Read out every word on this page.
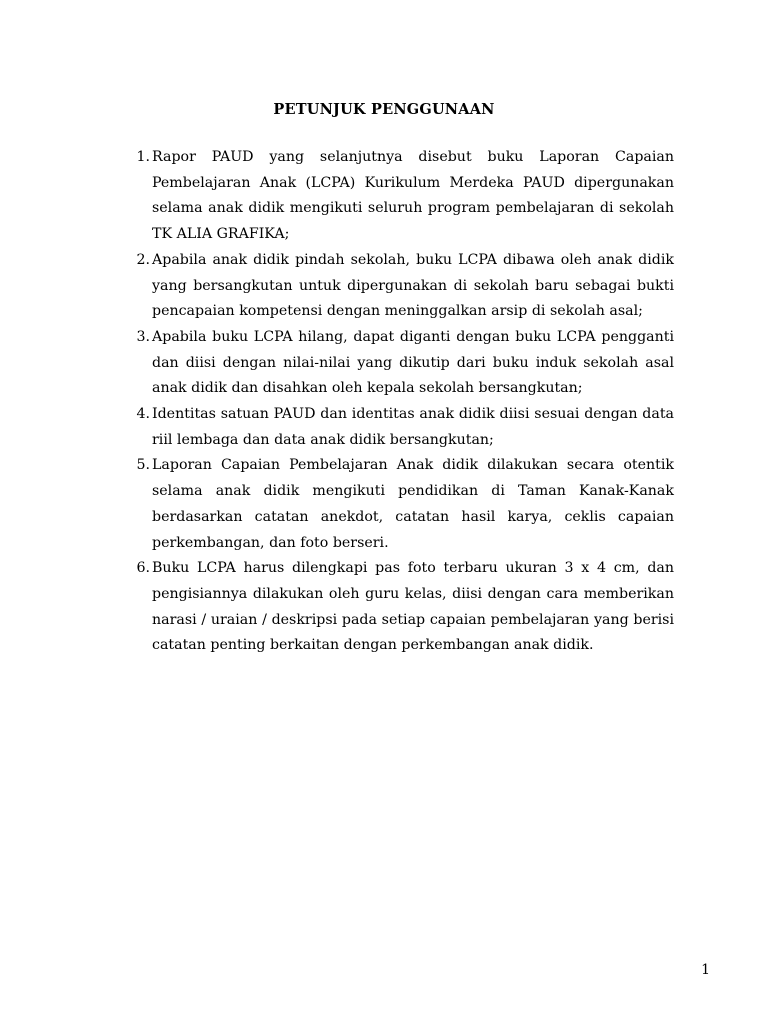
PETUNJUK PENGGUNAAN
1. Rapor PAUD yang selanjutnya disebut buku Laporan Capaian Pembelajaran Anak (LCPA) Kurikulum Merdeka PAUD dipergunakan selama anak didik mengikuti seluruh program pembelajaran di sekolah TK ALIA GRAFIKA;
2. Apabila anak didik pindah sekolah, buku LCPA dibawa oleh anak didik yang bersangkutan untuk dipergunakan di sekolah baru sebagai bukti pencapaian kompetensi dengan meninggalkan arsip di sekolah asal;
3. Apabila buku LCPA hilang, dapat diganti dengan buku LCPA pengganti dan diisi dengan nilai-nilai yang dikutip dari buku induk sekolah asal anak didik dan disahkan oleh kepala sekolah bersangkutan;
4. Identitas satuan PAUD dan identitas anak didik diisi sesuai dengan data riil lembaga dan data anak didik bersangkutan;
5. Laporan Capaian Pembelajaran Anak didik dilakukan secara otentik selama anak didik mengikuti pendidikan di Taman Kanak-Kanak berdasarkan catatan anekdot, catatan hasil karya, ceklis capaian perkembangan, dan foto berseri.
6. Buku LCPA harus dilengkapi pas foto terbaru ukuran 3 x 4 cm, dan pengisiannya dilakukan oleh guru kelas, diisi dengan cara memberikan narasi / uraian / deskripsi pada setiap capaian pembelajaran yang berisi catatan penting berkaitan dengan perkembangan anak didik.
1
